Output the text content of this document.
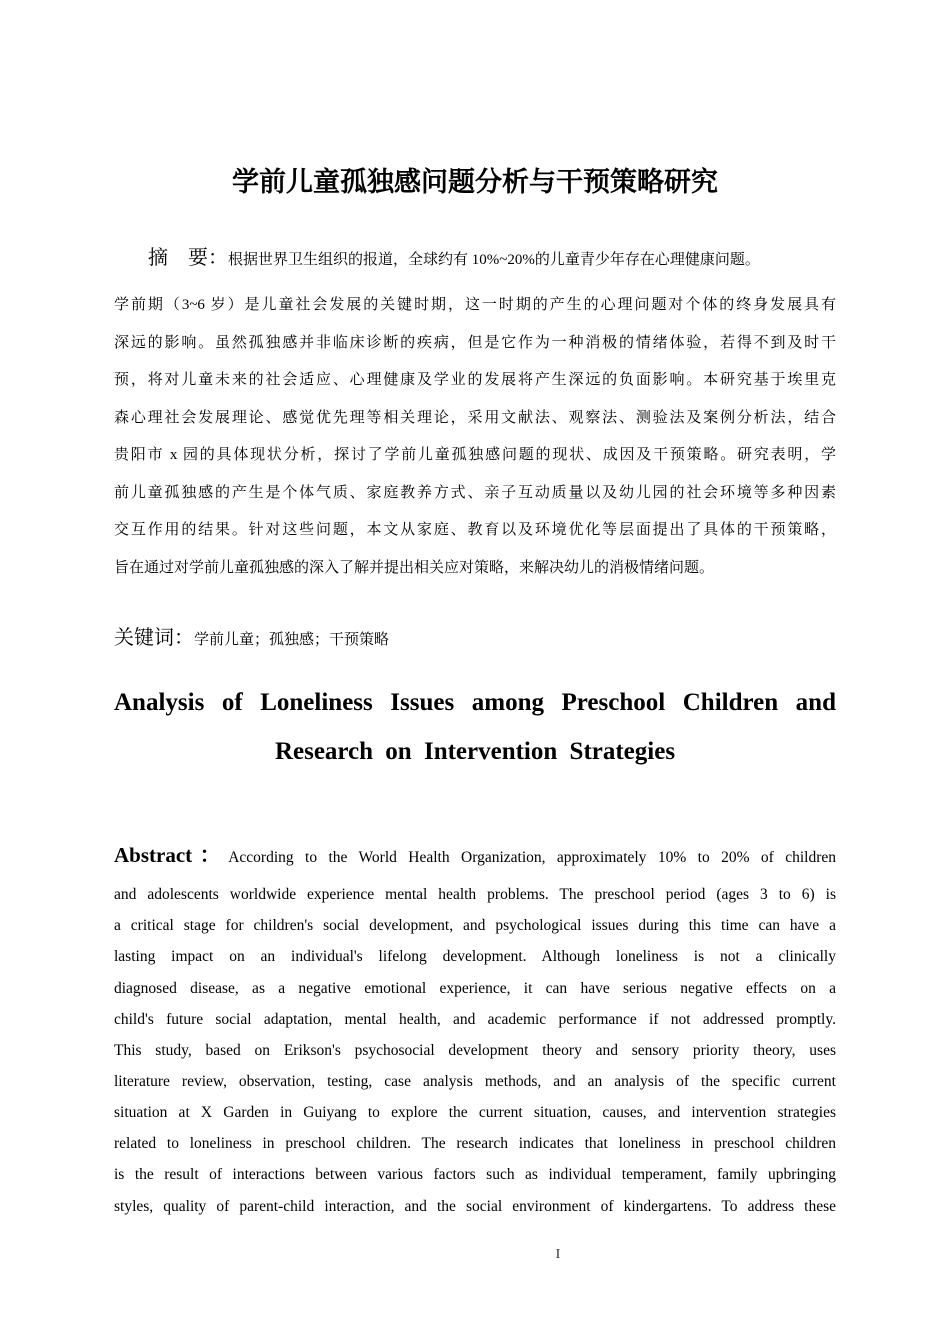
学前儿童孤独感问题分析与干预策略研究
摘　要：根据世界卫生组织的报道，全球约有 10%~20%的儿童青少年存在心理健康问题。
学前期（3~6 岁）是儿童社会发展的关键时期，这一时期的产生的心理问题对个体的终身发展具有
深远的影响。虽然孤独感并非临床诊断的疾病，但是它作为一种消极的情绪体验，若得不到及时干
预，将对儿童未来的社会适应、心理健康及学业的发展将产生深远的负面影响。本研究基于埃里克
森心理社会发展理论、感觉优先理等相关理论，采用文献法、观察法、测验法及案例分析法，结合
贵阳市 x 园的具体现状分析，探讨了学前儿童孤独感问题的现状、成因及干预策略。研究表明，学
前儿童孤独感的产生是个体气质、家庭教养方式、亲子互动质量以及幼儿园的社会环境等多种因素
交互作用的结果。针对这些问题，本文从家庭、教育以及环境优化等层面提出了具体的干预策略，
旨在通过对学前儿童孤独感的深入了解并提出相关应对策略，来解决幼儿的消极情绪问题。
关键词：学前儿童；孤独感；干预策略
Analysis of Loneliness Issues among Preschool Children and
Research on Intervention Strategies
Abstract：According to the World Health Organization, approximately 10% to 20% of children
and adolescents worldwide experience mental health problems. The preschool period (ages 3 to 6) is
a critical stage for children's social development, and psychological issues during this time can have a
lasting impact on an individual's lifelong development. Although loneliness is not a clinically
diagnosed disease, as a negative emotional experience, it can have serious negative effects on a
child's future social adaptation, mental health, and academic performance if not addressed promptly.
This study, based on Erikson's psychosocial development theory and sensory priority theory, uses
literature review, observation, testing, case analysis methods, and an analysis of the specific current
situation at X Garden in Guiyang to explore the current situation, causes, and intervention strategies
related to loneliness in preschool children. The research indicates that loneliness in preschool children
is the result of interactions between various factors such as individual temperament, family upbringing
styles, quality of parent-child interaction, and the social environment of kindergartens. To address these
I
